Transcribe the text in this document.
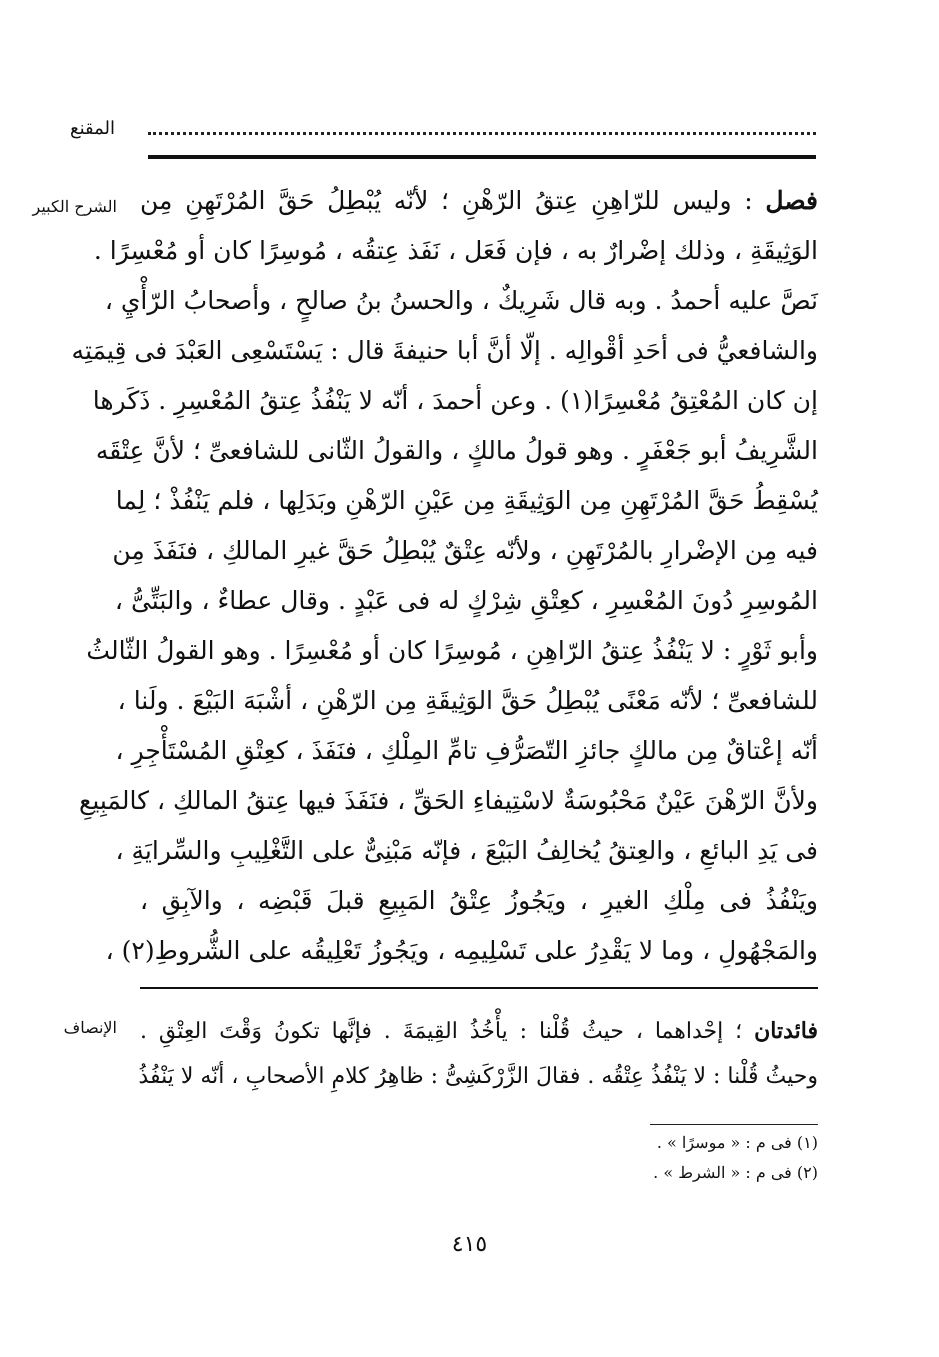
المقنع
الشرح الكبير	فصل : وليس للرّاهِنِ عِتقُ الرّهْنِ ؛ لأنّه يُبْطِلُ حَقَّ المُرْتَهِنِ مِن
الوَثِيقَةِ ، وذلك إضْرارٌ به ، فإن فَعَل ، نَفَذ عِتقُه ، مُوسِرًا كان أو مُعْسِرًا .
نَصَّ عليه أحمدُ . وبه قال شَرِيكٌ ، والحسنُ بنُ صالحٍ ، وأصحابُ الرّأْيِ ،
والشافعيُّ فى أحَدِ أقْوالِه . إلّا أنَّ أبا حنيفةَ قال : يَسْتَسْعِى العَبْدَ فى قِيمَتِه
إن كان المُعْتِقُ مُعْسِرًا(١) . وعن أحمدَ ، أنّه لا يَنْفُذُ عِتقُ المُعْسِرِ . ذَكَرها
الشَّرِيفُ أبو جَعْفَرٍ . وهو قولُ مالكٍ ، والقولُ الثّانى للشافعىِّ ؛ لأنَّ عِتْقَه
يُسْقِطُ حَقَّ المُرْتَهِنِ مِن الوَثِيقَةِ مِن عَيْنِ الرّهْنِ وبَدَلِها ، فلم يَنْفُذْ ؛ لِما
فيه مِن الإضْرارِ بالمُرْتَهِنِ ، ولأنّه عِتْقٌ يُبْطِلُ حَقَّ غيرِ المالكِ ، فنَفَذَ مِن
المُوسِرِ دُونَ المُعْسِرِ ، كعِتْقِ شِرْكٍ له فى عَبْدٍ . وقال عطاءٌ ، والبَتِّىُّ ،
وأبو ثَوْرٍ : لا يَنْفُذُ عِتقُ الرّاهِنِ ، مُوسِرًا كان أو مُعْسِرًا . وهو القولُ الثّالثُ
للشافعىِّ ؛ لأنّه مَعْنًى يُبْطِلُ حَقَّ الوَثِيقَةِ مِن الرّهْنِ ، أشْبَهَ البَيْعَ . ولَنا ،
أنّه إعْتاقٌ مِن مالكٍ جائزِ التّصَرُّفِ تامِّ المِلْكِ ، فنَفَذَ ، كعِتْقِ المُسْتَأْجِرِ ،
ولأنَّ الرّهْنَ عَيْنٌ مَحْبُوسَةٌ لاسْتِيفاءِ الحَقِّ ، فنَفَذَ فيها عِتقُ المالكِ ، كالمَبِيعِ
فى يَدِ البائعِ ، والعِتقُ يُخالِفُ البَيْعَ ، فإنّه مَبْنِىٌّ على التَّغْلِيبِ والسِّرايَةِ ،
ويَنْفُذُ فى مِلْكِ الغيرِ ، ويَجُوزُ عِتْقُ المَبِيعِ قبلَ قَبْضِه ، والآبِقِ ،
والمَجْهُولِ ، وما لا يَقْدِرُ على تَسْلِيمِه ، ويَجُوزُ تَعْلِيقُه على الشُّروطِ(٢) ،
الإنصاف	فائدتان ؛ إحْداهما ، حيثُ قُلْنا : يأْخُذُ القِيمَةَ . فإنَّها تكونُ وَقْتَ العِتْقِ .
وحيثُ قُلْنا : لا يَنْفُذُ عِتْقُه . فقالَ الزَّرْكَشِىُّ : ظاهِرُ كلامِ الأصحابِ ، أنّه لا يَنْفُذُ
(١) فى م : « موسرًا » .
(٢) فى م : « الشرط » .
٤١٥
